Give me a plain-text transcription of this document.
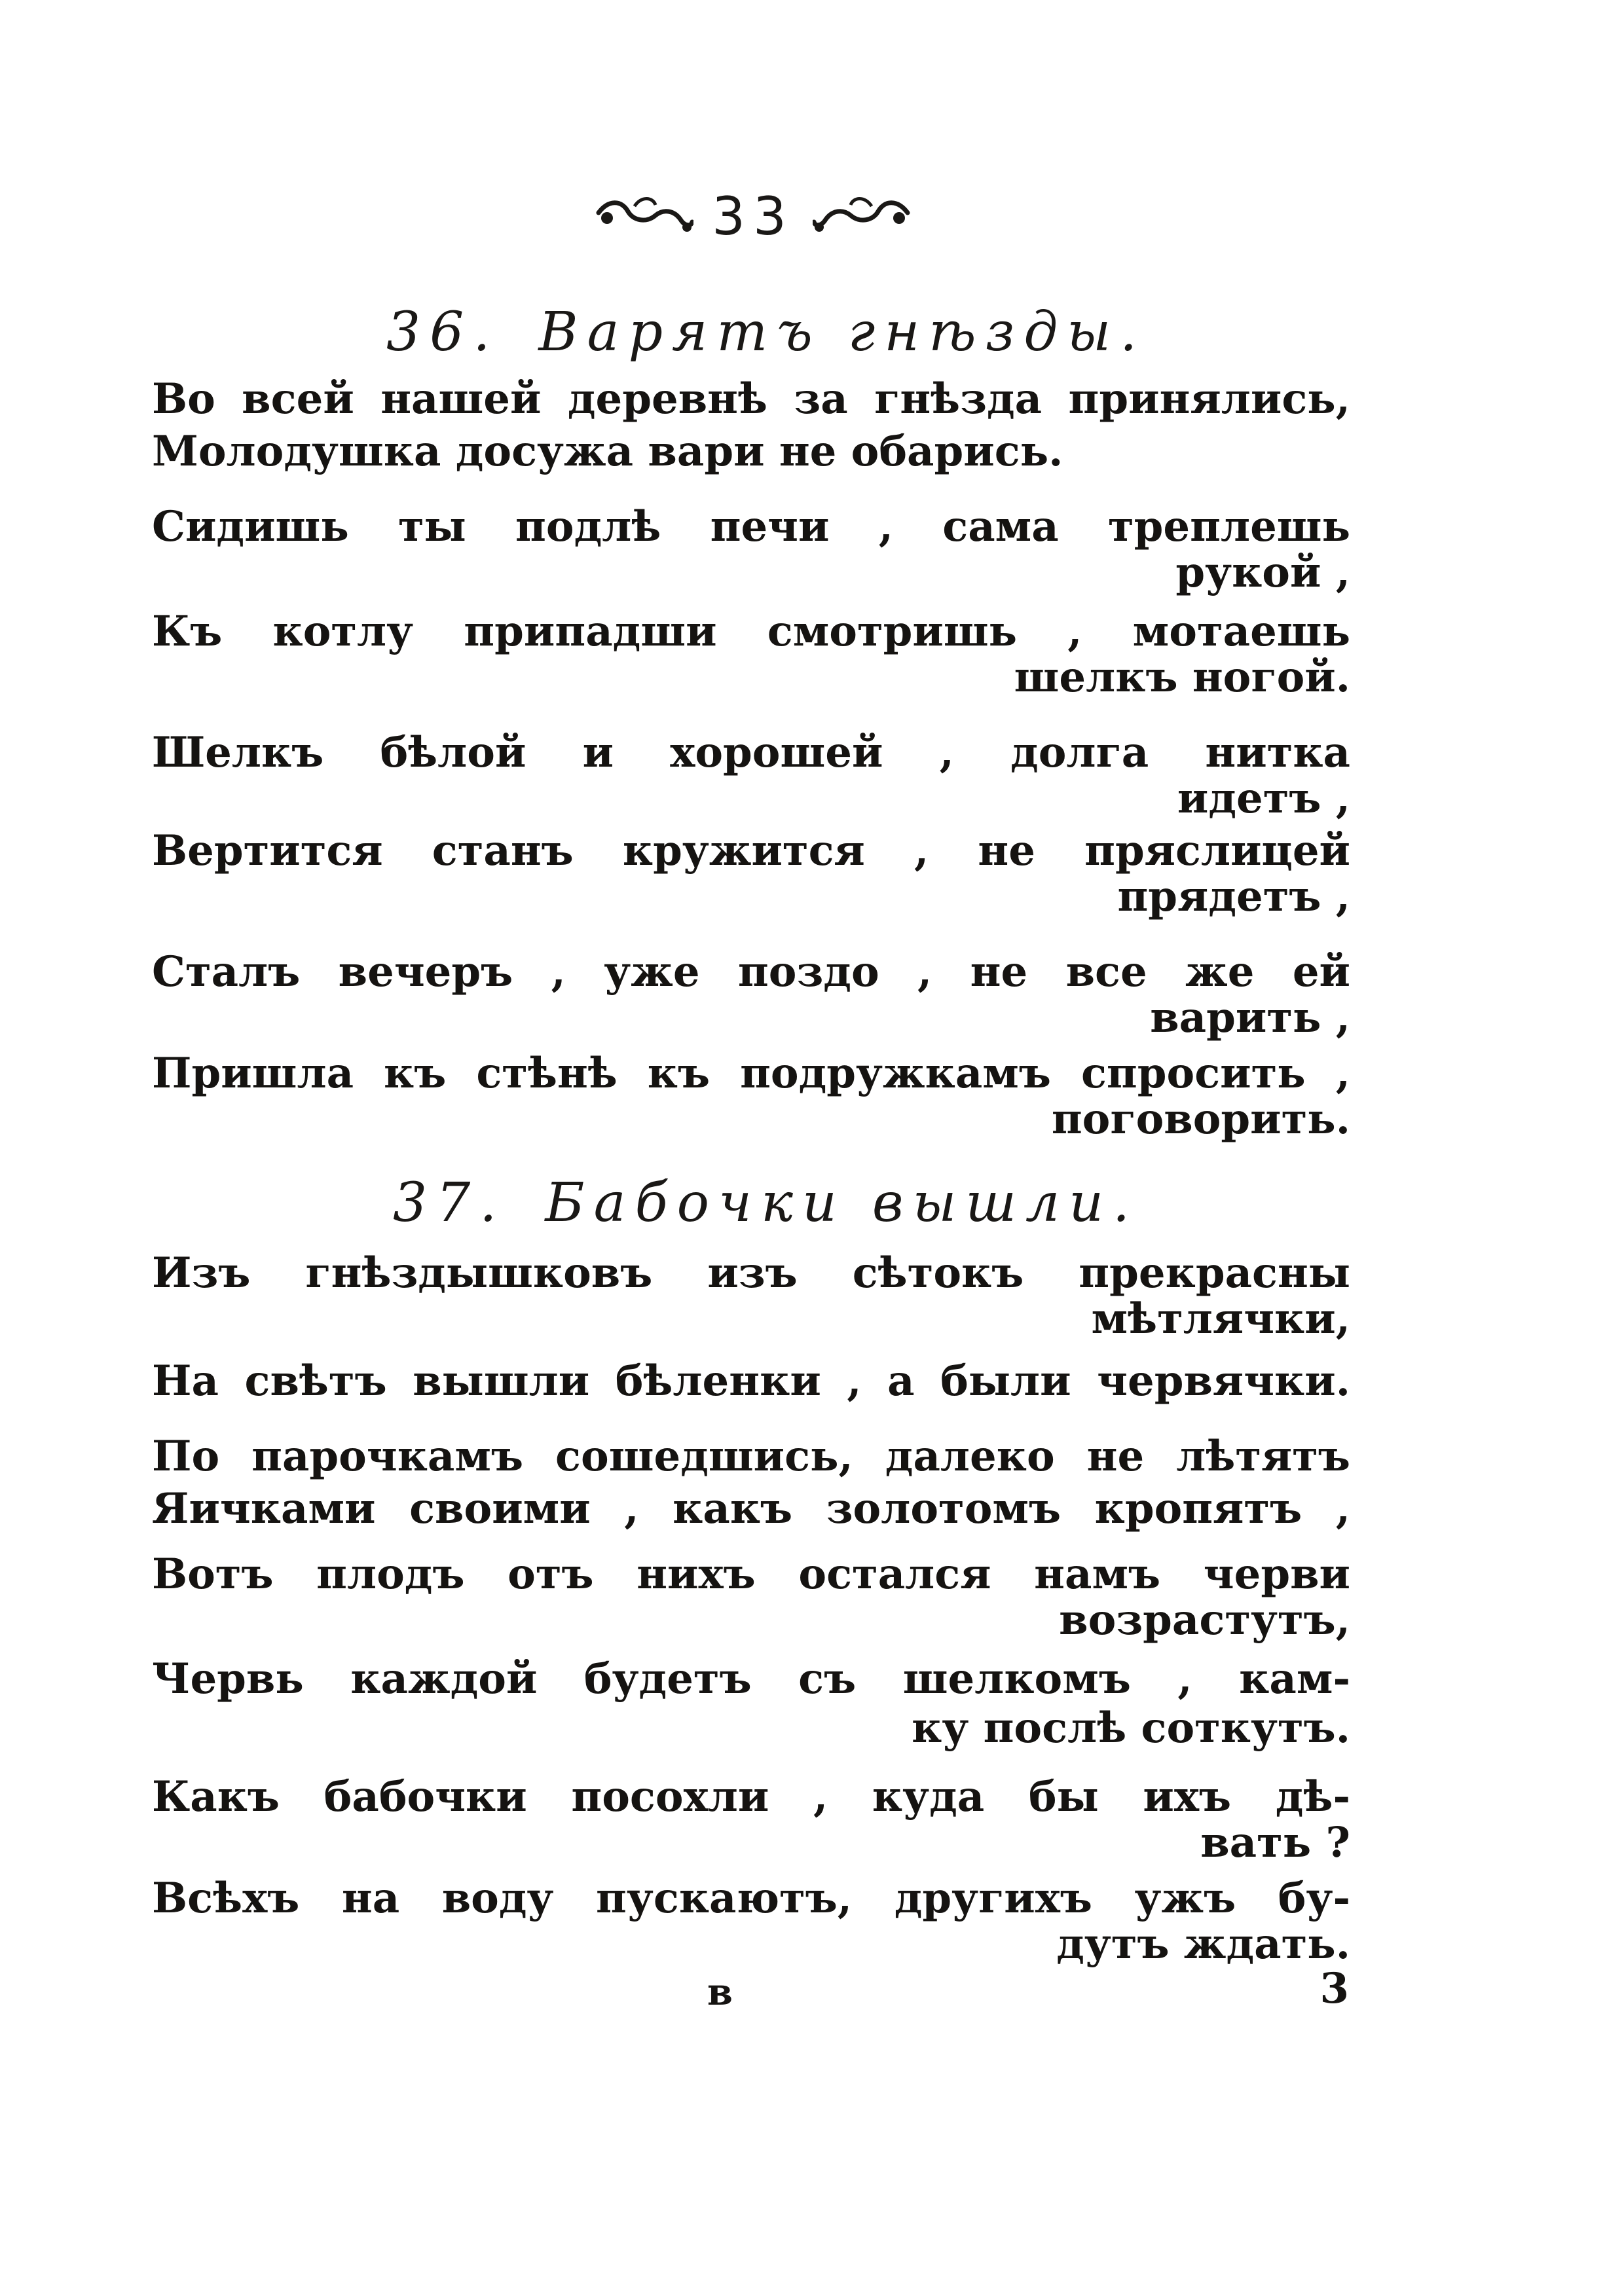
33
36. Варятъ гнѣзды.
Во всей нашей деревнѣ за гнѣзда принялись,
Молодушка досужа вари не обарись.
Сидишь ты подлѣ печи , сама треплешь
рукой ,
Къ котлу припадши смотришь , мотаешь
шелкъ ногой.
Шелкъ бѣлой и хорошей , долга нитка
идетъ ,
Вертится станъ кружится , не пряслицей
прядетъ ,
Сталъ вечеръ , уже поздо , не все же ей
варить ,
Пришла къ стѣнѣ къ подружкамъ спросить ,
поговорить.
37. Бабочки вышли.
Изъ гнѣздышковъ изъ сѣтокъ прекрасны
мѣтлячки,
На свѣтъ вышли бѣленки , а были червячки.
По парочкамъ сошедшись, далеко не лѣтятъ
Яичками своими , какъ золотомъ кропятъ ,
Вотъ плодъ отъ нихъ остался намъ черви
возрастутъ,
Червь каждой будетъ съ шелкомъ , кам-
ку послѣ соткутъ.
Какъ бабочки посохли , куда бы ихъ дѣ-
вать ?
Всѣхъ на воду пускаютъ, другихъ ужъ бу-
дутъ ждать.
в	3
